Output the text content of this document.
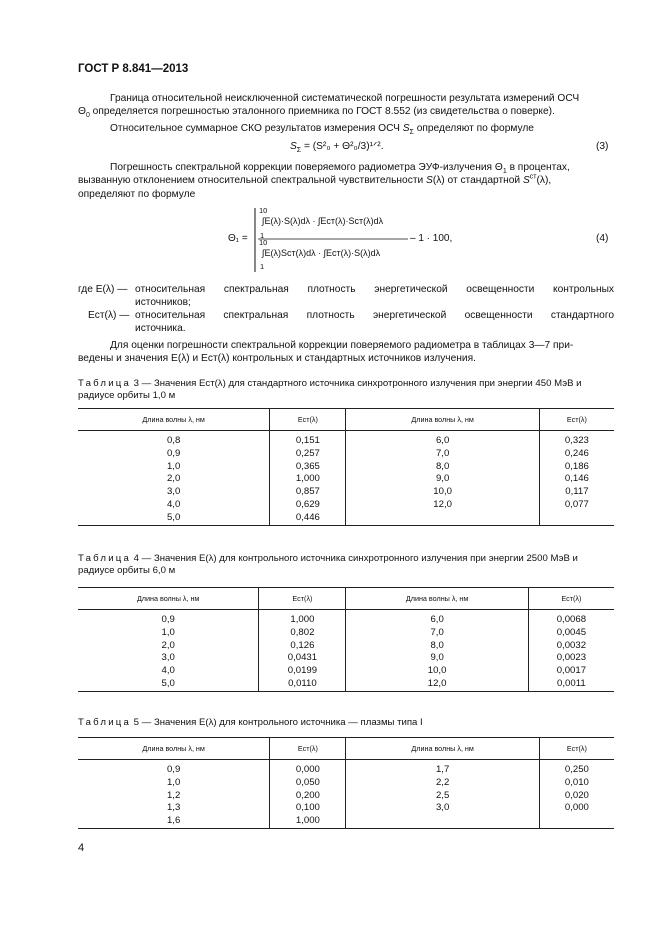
ГОСТ Р 8.841—2013
Граница относительной неисключенной систематической погрешности результата измерений ОСЧ
$\Theta_0$ определяется погрешностью эталонного приемника по ГОСТ 8.552 (из свидетельства о поверке).
Относительное суммарное СКО результатов измерения ОСЧ $S_\Sigma$ определяют по формуле
$S_\Sigma = (S^2_0$ + Θ²₀/3)¹ᐟ².	(3)
Погрешность спектральной коррекции поверяемого радиометра ЭУФ-излучения $\Theta_1$ в процентах,
вызванную отклонением относительной спектральной чувствительности S(λ) от стандартной $S^{ст}(\lambda)$,
определяют по формуле
Θ₁ =
10
1
∫E(λ)·S(λ)dλ · ∫Eст(λ)·Sст(λ)dλ
10
1
∫E(λ)Sст(λ)dλ · ∫Eст(λ)·S(λ)dλ
– 1 · 100,	(4)
где E(λ) — относительная спектральная плотность энергетической освещенности контрольных
источников;
Eст(λ) — относительная спектральная плотность энергетической освещенности стандартного
источника.
Для оценки погрешности спектральной коррекции поверяемого радиометра в таблицах 3—7 при-
ведены и значения E(λ) и Eст(λ) контрольных и стандартных источников излучения.
Таблица 3 — Значения Eст(λ) для стандартного источника синхротронного излучения при энергии 450 МэВ и
радиусе орбиты 1,0 м
Длина волны λ, нм	Eст(λ)	Длина волны λ, нм	Eст(λ)

0,8	0,151	6,0	0,323
0,9	0,257	7,0	0,246
1,0	0,365	8,0	0,186
2,0	1,000	9,0	0,146
3,0	0,857	10,0	0,117
4,0	0,629	12,0	0,077
5,0	0,446		
Таблица 4 — Значения E(λ) для контрольного источника синхротронного излучения при энергии 2500 МэВ и
радиусе орбиты 6,0 м
Длина волны λ, нм	Eст(λ)	Длина волны λ, нм	Eст(λ)

0,9	1,000	6,0	0,0068
1,0	0,802	7,0	0,0045
2,0	0,126	8,0	0,0032
3,0	0,0431	9,0	0,0023
4,0	0,0199	10,0	0,0017
5,0	0,0110	12,0	0,0011
Таблица 5 — Значения E(λ) для контрольного источника — плазмы типа I
Длина волны λ, нм	Eст(λ)	Длина волны λ, нм	Eст(λ)

0,9	0,000	1,7	0,250
1,0	0,050	2,2	0,010
1,2	0,200	2,5	0,020
1,3	0,100	3,0	0,000
1,6	1,000		
4
